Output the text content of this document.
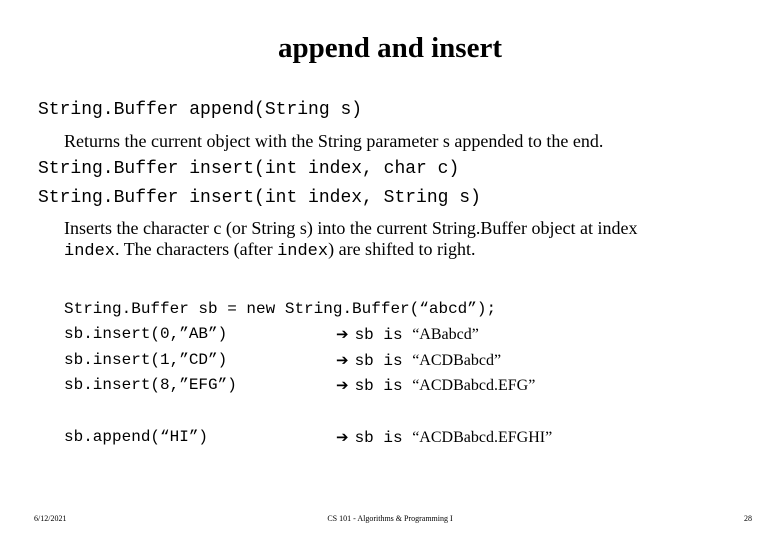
append and insert
String.Buffer append(String s)
Returns the current object with the String parameter s appended to the end.
String.Buffer insert(int index, char c)
String.Buffer insert(int index, String s)
Inserts the character c (or String s) into the current String.Buffer object at index
index. The characters (after index) are shifted to right.
String.Buffer sb = new String.Buffer(“abcd”);
sb.insert(0,”AB”)	➔ sb is “ABabcd”
sb.insert(1,”CD”)	➔ sb is “ACDBabcd”
sb.insert(8,”EFG”)	➔ sb is “ACDBabcd.EFG”
sb.append(“HI”)	➔ sb is “ACDBabcd.EFGHI”
6/12/2021	CS 101 - Algorithms & Programming I	28
